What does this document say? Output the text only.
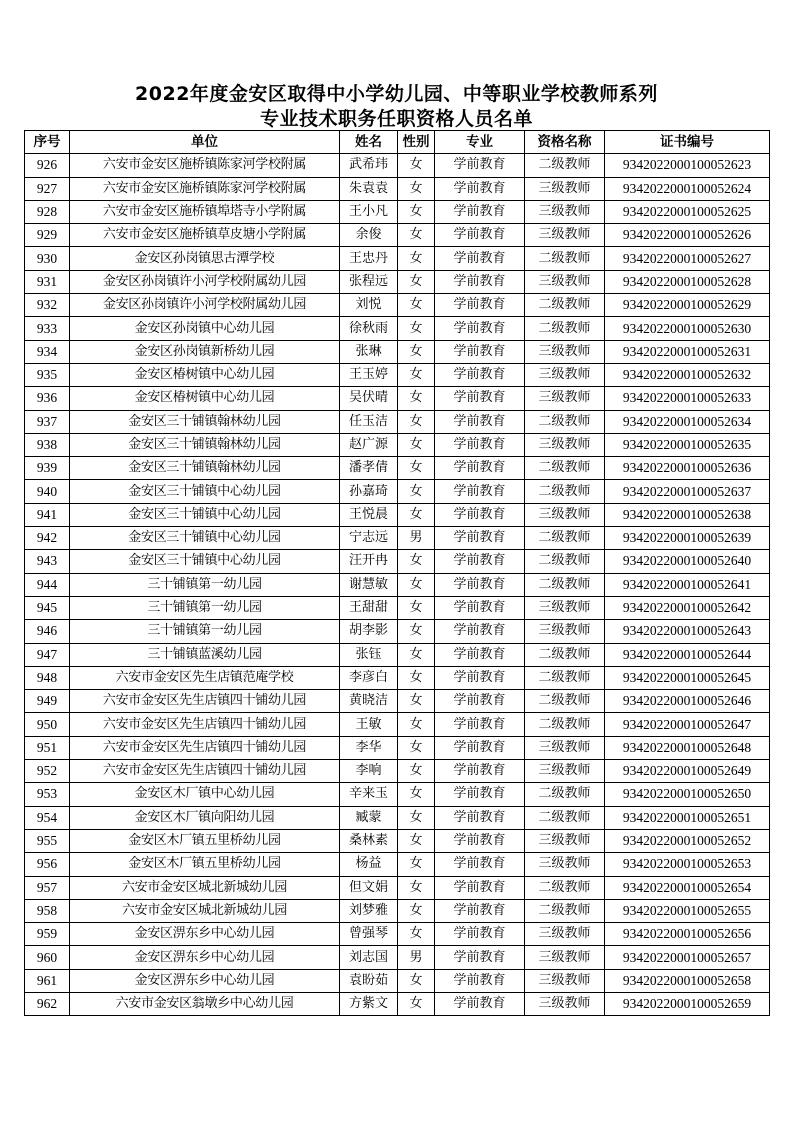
2022年度金安区取得中小学幼儿园、中等职业学校教师系列
专业技术职务任职资格人员名单
序号	单位	姓名	性别	专业	资格名称	证书编号
926	六安市金安区施桥镇陈家河学校附属	武希玮	女	学前教育	二级教师	9342022000100052623
927	六安市金安区施桥镇陈家河学校附属	朱袁袁	女	学前教育	三级教师	9342022000100052624
928	六安市金安区施桥镇埠塔寺小学附属	王小凡	女	学前教育	三级教师	9342022000100052625
929	六安市金安区施桥镇草皮塘小学附属	余俊	女	学前教育	三级教师	9342022000100052626
930	金安区孙岗镇思古潭学校	王忠丹	女	学前教育	二级教师	9342022000100052627
931	金安区孙岗镇许小河学校附属幼儿园	张程远	女	学前教育	三级教师	9342022000100052628
932	金安区孙岗镇许小河学校附属幼儿园	刘悦	女	学前教育	二级教师	9342022000100052629
933	金安区孙岗镇中心幼儿园	徐秋雨	女	学前教育	二级教师	9342022000100052630
934	金安区孙岗镇新桥幼儿园	张琳	女	学前教育	三级教师	9342022000100052631
935	金安区椿树镇中心幼儿园	王玉婷	女	学前教育	三级教师	9342022000100052632
936	金安区椿树镇中心幼儿园	吴伏晴	女	学前教育	三级教师	9342022000100052633
937	金安区三十铺镇翰林幼儿园	任玉洁	女	学前教育	二级教师	9342022000100052634
938	金安区三十铺镇翰林幼儿园	赵广源	女	学前教育	三级教师	9342022000100052635
939	金安区三十铺镇翰林幼儿园	潘孝倩	女	学前教育	二级教师	9342022000100052636
940	金安区三十铺镇中心幼儿园	孙嘉琦	女	学前教育	二级教师	9342022000100052637
941	金安区三十铺镇中心幼儿园	王悦晨	女	学前教育	三级教师	9342022000100052638
942	金安区三十铺镇中心幼儿园	宁志远	男	学前教育	二级教师	9342022000100052639
943	金安区三十铺镇中心幼儿园	汪开冉	女	学前教育	二级教师	9342022000100052640
944	三十铺镇第一幼儿园	谢慧敏	女	学前教育	二级教师	9342022000100052641
945	三十铺镇第一幼儿园	王甜甜	女	学前教育	三级教师	9342022000100052642
946	三十铺镇第一幼儿园	胡李影	女	学前教育	三级教师	9342022000100052643
947	三十铺镇蓝溪幼儿园	张钰	女	学前教育	二级教师	9342022000100052644
948	六安市金安区先生店镇范庵学校	李彦白	女	学前教育	二级教师	9342022000100052645
949	六安市金安区先生店镇四十铺幼儿园	黄晓洁	女	学前教育	二级教师	9342022000100052646
950	六安市金安区先生店镇四十铺幼儿园	王敏	女	学前教育	二级教师	9342022000100052647
951	六安市金安区先生店镇四十铺幼儿园	李华	女	学前教育	三级教师	9342022000100052648
952	六安市金安区先生店镇四十铺幼儿园	李响	女	学前教育	三级教师	9342022000100052649
953	金安区木厂镇中心幼儿园	辛来玉	女	学前教育	二级教师	9342022000100052650
954	金安区木厂镇向阳幼儿园	臧蒙	女	学前教育	二级教师	9342022000100052651
955	金安区木厂镇五里桥幼儿园	桑林素	女	学前教育	三级教师	9342022000100052652
956	金安区木厂镇五里桥幼儿园	杨益	女	学前教育	三级教师	9342022000100052653
957	六安市金安区城北新城幼儿园	但文娟	女	学前教育	二级教师	9342022000100052654
958	六安市金安区城北新城幼儿园	刘梦雅	女	学前教育	二级教师	9342022000100052655
959	金安区淠东乡中心幼儿园	曾强琴	女	学前教育	三级教师	9342022000100052656
960	金安区淠东乡中心幼儿园	刘志国	男	学前教育	三级教师	9342022000100052657
961	金安区淠东乡中心幼儿园	袁盼茹	女	学前教育	三级教师	9342022000100052658
962	六安市金安区翁墩乡中心幼儿园	方紫文	女	学前教育	三级教师	9342022000100052659
